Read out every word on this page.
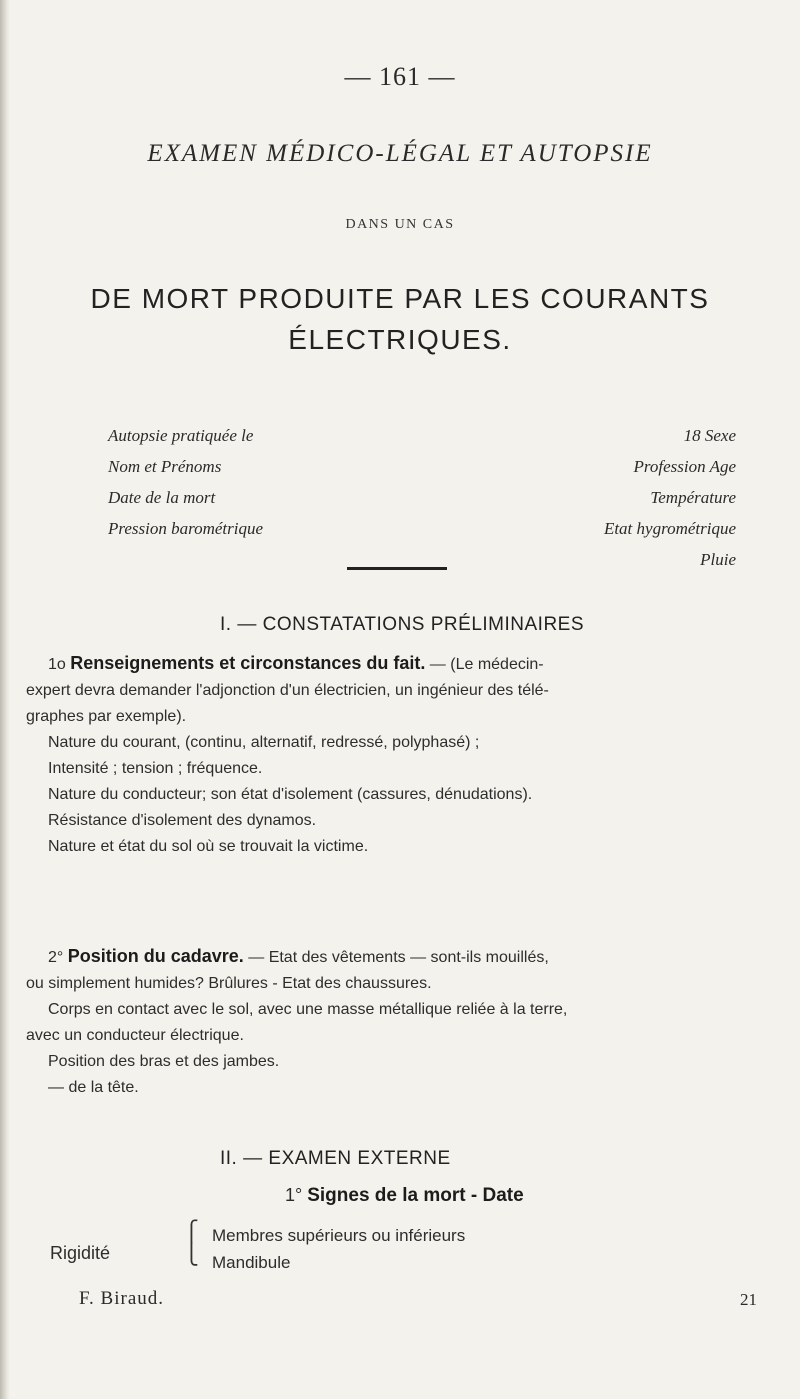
— 161 —
EXAMEN MÉDICO-LÉGAL ET AUTOPSIE
DANS UN CAS
DE MORT PRODUITE PAR LES COURANTS
ÉLECTRIQUES.
Autopsie pratiquée le
Nom et Prénoms
Date de la mort
Pression barométrique
18 Sexe
Profession Age
Température
Etat hygrométrique
Pluie
I. — CONSTATATIONS PRÉLIMINAIRES
1o Renseignements et circonstances du fait. — (Le médecin-
expert devra demander l'adjonction d'un électricien, un ingénieur des télé-
graphes par exemple).
Nature du courant, (continu, alternatif, redressé, polyphasé) ;
Intensité ; tension ; fréquence.
Nature du conducteur; son état d'isolement (cassures, dénudations).
Résistance d'isolement des dynamos.
Nature et état du sol où se trouvait la victime.
2° Position du cadavre. — Etat des vêtements — sont-ils mouillés,
ou simplement humides? Brûlures - Etat des chaussures.
Corps en contact avec le sol, avec une masse métallique reliée à la terre,
avec un conducteur électrique.
Position des bras et des jambes.
— de la tête.
II. — EXAMEN EXTERNE
1° Signes de la mort - Date
Rigidité
⎧
⎩
Membres supérieurs ou inférieurs
Mandibule
F. Biraud.	21
